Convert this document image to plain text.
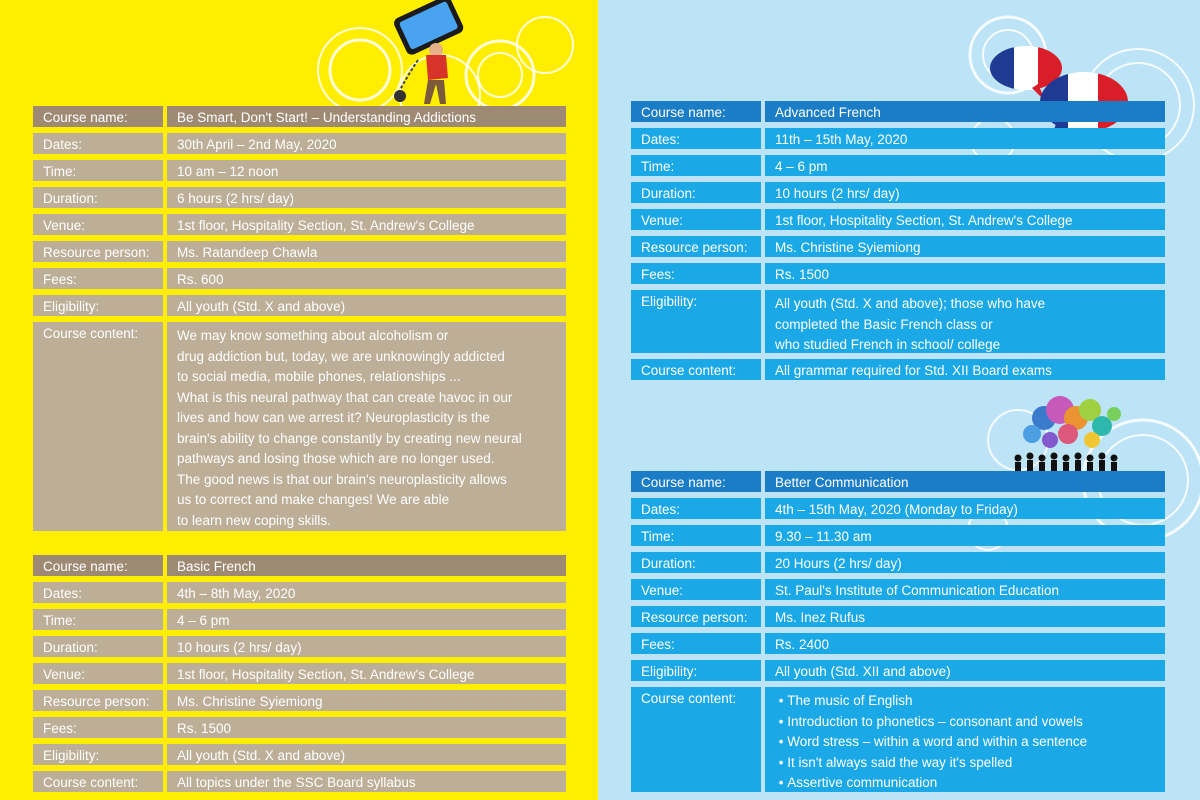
Course name:	Be Smart, Don't Start! – Understanding Addictions
Dates:	30th April – 2nd May, 2020
Time:	10 am – 12 noon
Duration:	6 hours (2 hrs/ day)
Venue:	1st floor, Hospitality Section, St. Andrew's College
Resource person:	Ms. Ratandeep Chawla
Fees:	Rs. 600
Eligibility:	All youth (Std. X and above)
Course content:	We may know something about alcoholism or
drug addiction but, today, we are unknowingly addicted
to social media, mobile phones, relationships ...
What is this neural pathway that can create havoc in our
lives and how can we arrest it? Neuroplasticity is the
brain's ability to change constantly by creating new neural
pathways and losing those which are no longer used.
The good news is that our brain's neuroplasticity allows
us to correct and make changes! We are able
to learn new coping skills.
Course name:	Basic French
Dates:	4th – 8th May, 2020
Time:	4 – 6 pm
Duration:	10 hours (2 hrs/ day)
Venue:	1st floor, Hospitality Section, St. Andrew's College
Resource person:	Ms. Christine Syiemiong
Fees:	Rs. 1500
Eligibility:	All youth (Std. X and above)
Course content:	All topics under the SSC Board syllabus
Course name:	Advanced French
Dates:	11th – 15th May, 2020
Time:	4 – 6 pm
Duration:	10 hours (2 hrs/ day)
Venue:	1st floor, Hospitality Section, St. Andrew's College
Resource person:	Ms. Christine Syiemiong
Fees:	Rs. 1500
Eligibility:	All youth (Std. X and above); those who have
completed the Basic French class or
who studied French in school/ college
Course content:	All grammar required for Std. XII Board exams
Course name:	Better Communication
Dates:	4th – 15th May, 2020 (Monday to Friday)
Time:	9.30 – 11.30 am
Duration:	20 Hours (2 hrs/ day)
Venue:	St. Paul's Institute of Communication Education
Resource person:	Ms. Inez Rufus
Fees:	Rs. 2400
Eligibility:	All youth (Std. XII and above)
Course content:	• The music of English
• Introduction to phonetics – consonant and vowels
• Word stress – within a word and within a sentence
• It isn't always said the way it's spelled
• Assertive communication
